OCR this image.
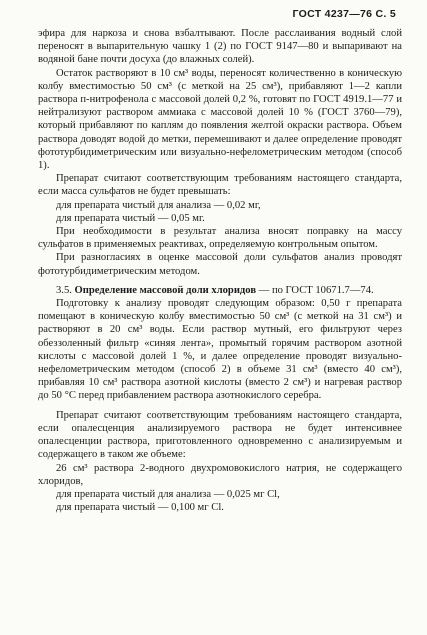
ГОСТ 4237—76 С. 5

эфира для наркоза и снова взбалтывают. После расслаивания водный слой переносят в выпарительную чашку 1 (2) по ГОСТ 9147—80 и выпаривают на водяной бане почти досуха (до влажных солей).

Остаток растворяют в 10 см³ воды, переносят количественно в коническую колбу вместимостью 50 см³ (с меткой на 25 см³), прибавляют 1—2 капли раствора п-нитрофенола с массовой долей 0,2 %, готовят по ГОСТ 4919.1—77 и нейтрализуют раствором аммиака с массовой долей 10 % (ГОСТ 3760—79), который прибавляют по каплям до появления желтой окраски раствора. Объем раствора доводят водой до метки, перемешивают и далее определение проводят фототурбидиметрическим или визуально-нефелометрическим методом (способ 1).

Препарат считают соответствующим требованиям настоящего стандарта, если масса сульфатов не будет превышать:

для препарата чистый для анализа — 0,02 мг,

для препарата чистый — 0,05 мг.

При необходимости в результат анализа вносят поправку на массу сульфатов в применяемых реактивах, определяемую контрольным опытом.

При разногласиях в оценке массовой доли сульфатов анализ проводят фототурбидиметрическим методом.

3.5. Определение массовой доли хлоридов — по ГОСТ 10671.7—74.

Подготовку к анализу проводят следующим образом: 0,50 г препарата помещают в коническую колбу вместимостью 50 см³ (с меткой на 31 см³) и растворяют в 20 см³ воды. Если раствор мутный, его фильтруют через обеззоленный фильтр «синяя лента», промытый горячим раствором азотной кислоты с массовой долей 1 %, и далее определение проводят визуально-нефелометрическим методом (способ 2) в объеме 31 см³ (вместо 40 см³), прибавляя 10 см³ раствора азотной кислоты (вместо 2 см³) и нагревая раствор до 50 °С перед прибавлением раствора азотнокислого серебра.

Препарат считают соответствующим требованиям настоящего стандарта, если опалесценция анализируемого раствора не будет интенсивнее опалесценции раствора, приготовленного одновременно с анализируемым и содержащего в таком же объеме:

26 см³ раствора 2-водного двухромовокислого натрия, не содержащего хлоридов,

для препарата чистый для анализа — 0,025 мг Cl,

для препарата чистый — 0,100 мг Cl.
